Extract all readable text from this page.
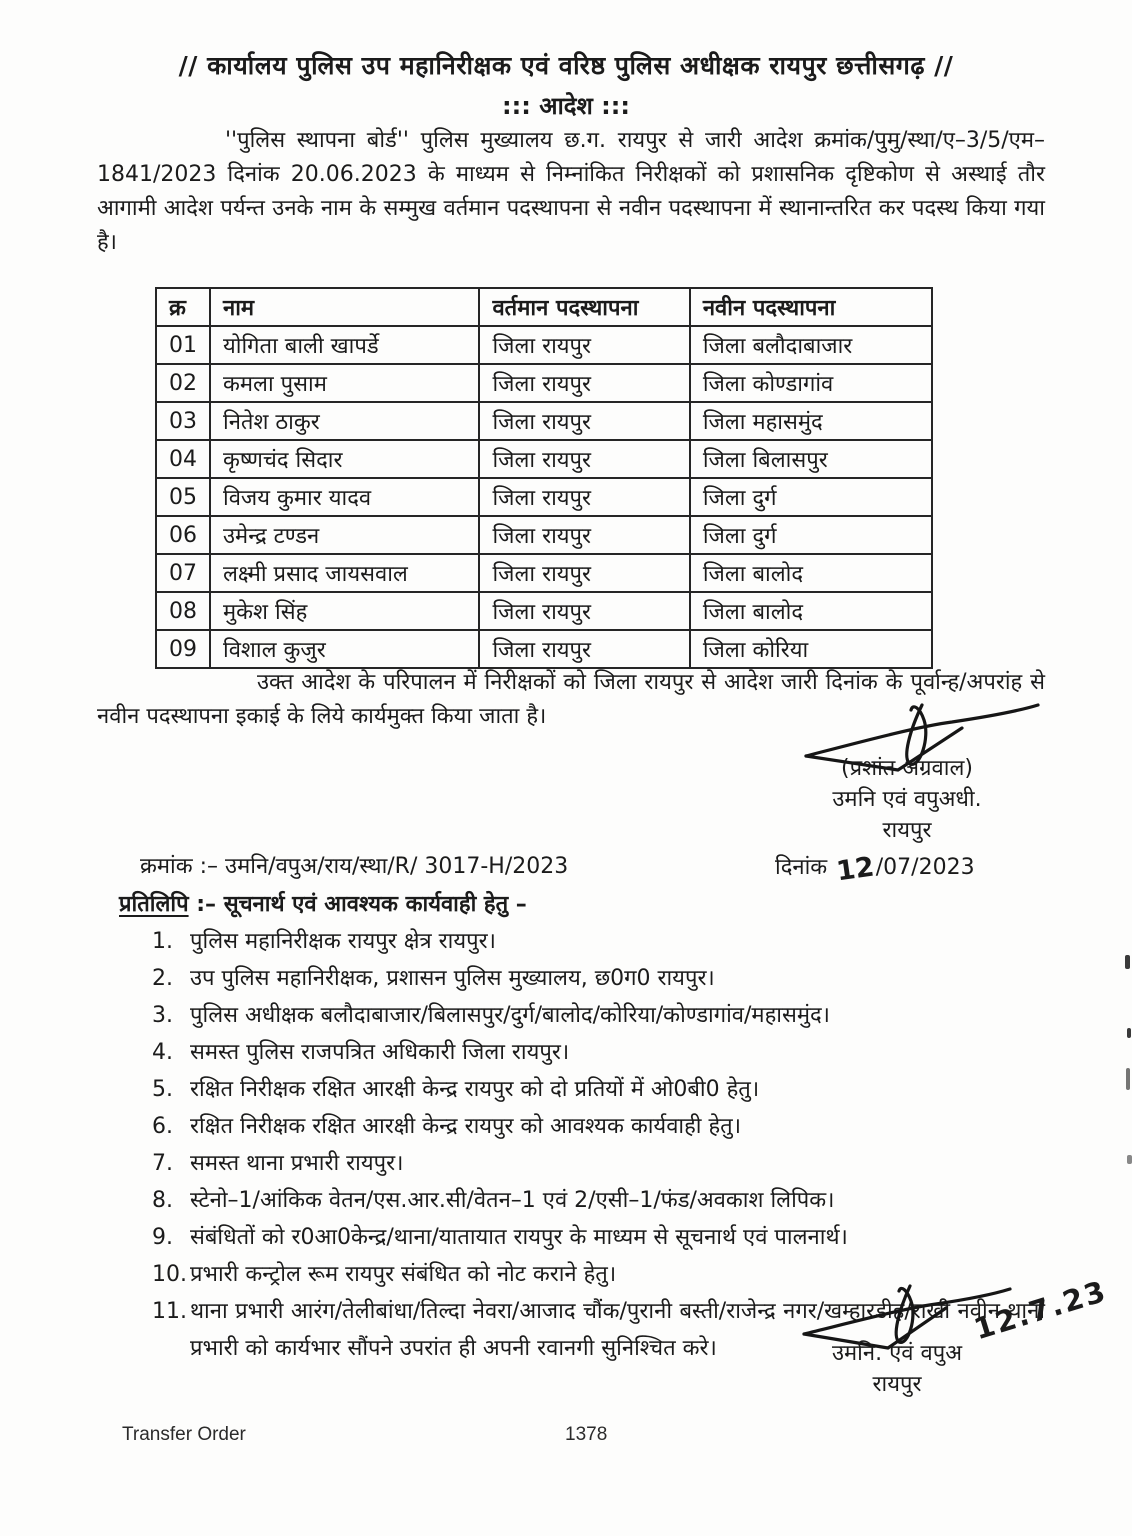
// कार्यालय पुलिस उप महानिरीक्षक एवं वरिष्ठ पुलिस अधीक्षक रायपुर छत्तीसगढ़ //
::: आदेश :::
''पुलिस स्थापना बोर्ड'' पुलिस मुख्यालय छ.ग. रायपुर से जारी आदेश क्रमांक/पुमु/स्था/ए–3/5/एम–1841/2023 दिनांक 20.06.2023 के माध्यम से निम्नांकित निरीक्षकों को प्रशासनिक दृष्टिकोण से अस्थाई तौर आगामी आदेश पर्यन्त उनके नाम के सम्मुख वर्तमान पदस्थापना से नवीन पदस्थापना में स्थानान्तरित कर पदस्थ किया गया है।
क्र	नाम	वर्तमान पदस्थापना	नवीन पदस्थापना
01	योगिता बाली खापर्डे	जिला रायपुर	जिला बलौदाबाजार
02	कमला पुसाम	जिला रायपुर	जिला कोण्डागांव
03	नितेश ठाकुर	जिला रायपुर	जिला महासमुंद
04	कृष्णचंद सिदार	जिला रायपुर	जिला बिलासपुर
05	विजय कुमार यादव	जिला रायपुर	जिला दुर्ग
06	उमेन्द्र टण्डन	जिला रायपुर	जिला दुर्ग
07	लक्ष्मी प्रसाद जायसवाल	जिला रायपुर	जिला बालोद
08	मुकेश सिंह	जिला रायपुर	जिला बालोद
09	विशाल कुजुर	जिला रायपुर	जिला कोरिया
उक्त आदेश के परिपालन में निरीक्षकों को जिला रायपुर से आदेश जारी दिनांक के पूर्वान्ह/अपरांह से नवीन पदस्थापना इकाई के लिये कार्यमुक्त किया जाता है।
(प्रशांत अग्रवाल)
उमनि एवं वपुअधी.
रायपुर
क्रमांक :– उमनि/वपुअ/राय/स्था/R/ 3017-H/2023	दिनांक 12/07/2023
प्रतिलिपि :– सूचनार्थ एवं आवश्यक कार्यवाही हेतु –
1. पुलिस महानिरीक्षक रायपुर क्षेत्र रायपुर।
2. उप पुलिस महानिरीक्षक, प्रशासन पुलिस मुख्यालय, छ0ग0 रायपुर।
3. पुलिस अधीक्षक बलौदाबाजार/बिलासपुर/दुर्ग/बालोद/कोरिया/कोण्डागांव/महासमुंद।
4. समस्त पुलिस राजपत्रित अधिकारी जिला रायपुर।
5. रक्षित निरीक्षक रक्षित आरक्षी केन्द्र रायपुर को दो प्रतियों में ओ0बी0 हेतु।
6. रक्षित निरीक्षक रक्षित आरक्षी केन्द्र रायपुर को आवश्यक कार्यवाही हेतु।
7. समस्त थाना प्रभारी रायपुर।
8. स्टेनो–1/आंकिक वेतन/एस.आर.सी/वेतन–1 एवं 2/एसी–1/फंड/अवकाश लिपिक।
9. संबंधितों को र0आ0केन्द्र/थाना/यातायात रायपुर के माध्यम से सूचनार्थ एवं पालनार्थ।
10. प्रभारी कन्ट्रोल रूम रायपुर संबंधित को नोट कराने हेतु।
11. थाना प्रभारी आरंग/तेलीबांधा/तिल्दा नेवरा/आजाद चौंक/पुरानी बस्ती/राजेन्द्र नगर/खम्हारडीह/राखी नवीन थाना प्रभारी को कार्यभार सौंपने उपरांत ही अपनी रवानगी सुनिश्चित करे।
12.7.23
उमनि. एवं वपुअ
रायपुर
Transfer Order	1378
